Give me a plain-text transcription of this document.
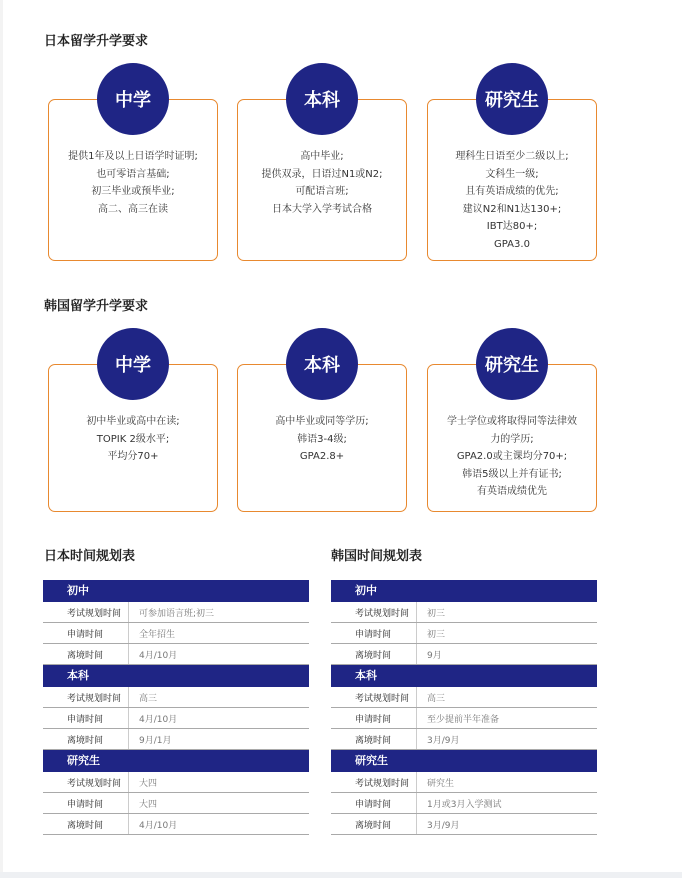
日本留学升学要求
提供1年及以上日语学时证明;
也可零语言基础;
初三毕业或预毕业;
高二、高三在读
中学
高中毕业;
提供双录，日语过N1或N2;
可配语言班;
日本大学入学考试合格
本科
理科生日语至少二级以上;
文科生一级;
且有英语成绩的优先;
建议N2和N1达130+;
IBT达80+;
GPA3.0
研究生
韩国留学升学要求
初中毕业或高中在读;
TOPIK 2级水平;
平均分70+
中学
高中毕业或同等学历;
韩语3-4级;
GPA2.8+
本科
学士学位或将取得同等法律效
力的学历;
GPA2.0或主课均分70+;
韩语5级以上并有证书;
有英语成绩优先
研究生
日本时间规划表
初中
考试规划时间	可参加语言班;初三
申请时间	全年招生
离境时间	4月/10月
本科
考试规划时间	高三
申请时间	4月/10月
离境时间	9月/1月
研究生
考试规划时间	大四
申请时间	大四
离境时间	4月/10月
韩国时间规划表
初中
考试规划时间	初三
申请时间	初三
离境时间	9月
本科
考试规划时间	高三
申请时间	至少提前半年准备
离境时间	3月/9月
研究生
考试规划时间	研究生
申请时间	1月或3月入学测试
离境时间	3月/9月
